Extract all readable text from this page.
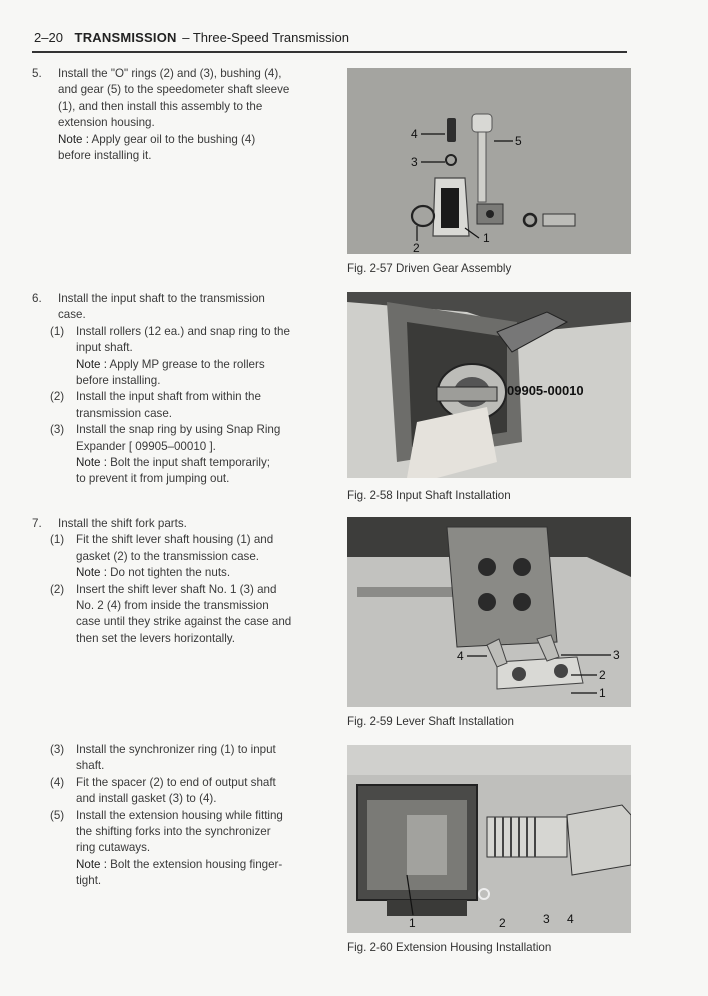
2–20 TRANSMISSION – Three-Speed Transmission
5.	Install the "O" rings (2) and (3), bushing (4),
and gear (5) to the speedometer shaft sleeve
(1), and then install this assembly to the
extension housing.
Note : Apply gear oil to the bushing (4)
before installing it.
6.	Install the input shaft to the transmission
case.
(1)	Install rollers (12 ea.) and snap ring to the
input shaft.
Note : Apply MP grease to the rollers
before installing.
(2)	Install the input shaft from within the
transmission case.
(3)	Install the snap ring by using Snap Ring
Expander [ 09905–00010 ].
Note : Bolt the input shaft temporarily;
to prevent it from jumping out.
7.	Install the shift fork parts.
(1)	Fit the shift lever shaft housing (1) and
gasket (2) to the transmission case.
Note : Do not tighten the nuts.
(2)	Insert the shift lever shaft No. 1 (3) and
No. 2 (4) from inside the transmission
case until they strike against the case and
then set the levers horizontally.
(3)	Install the synchronizer ring (1) to input
shaft.
(4)	Fit the spacer (2) to end of output shaft
and install gasket (3) to (4).
(5)	Install the extension housing while fitting
the shifting forks into the synchronizer
ring cutaways.
Note : Bolt the extension housing finger-
tight.
4	5
3
2
1
Fig. 2-57 Driven Gear Assembly
09905-00010
Fig. 2-58 Input Shaft Installation
4	3
2
1
Fig. 2-59 Lever Shaft Installation
1	2	3 4
Fig. 2-60 Extension Housing Installation
